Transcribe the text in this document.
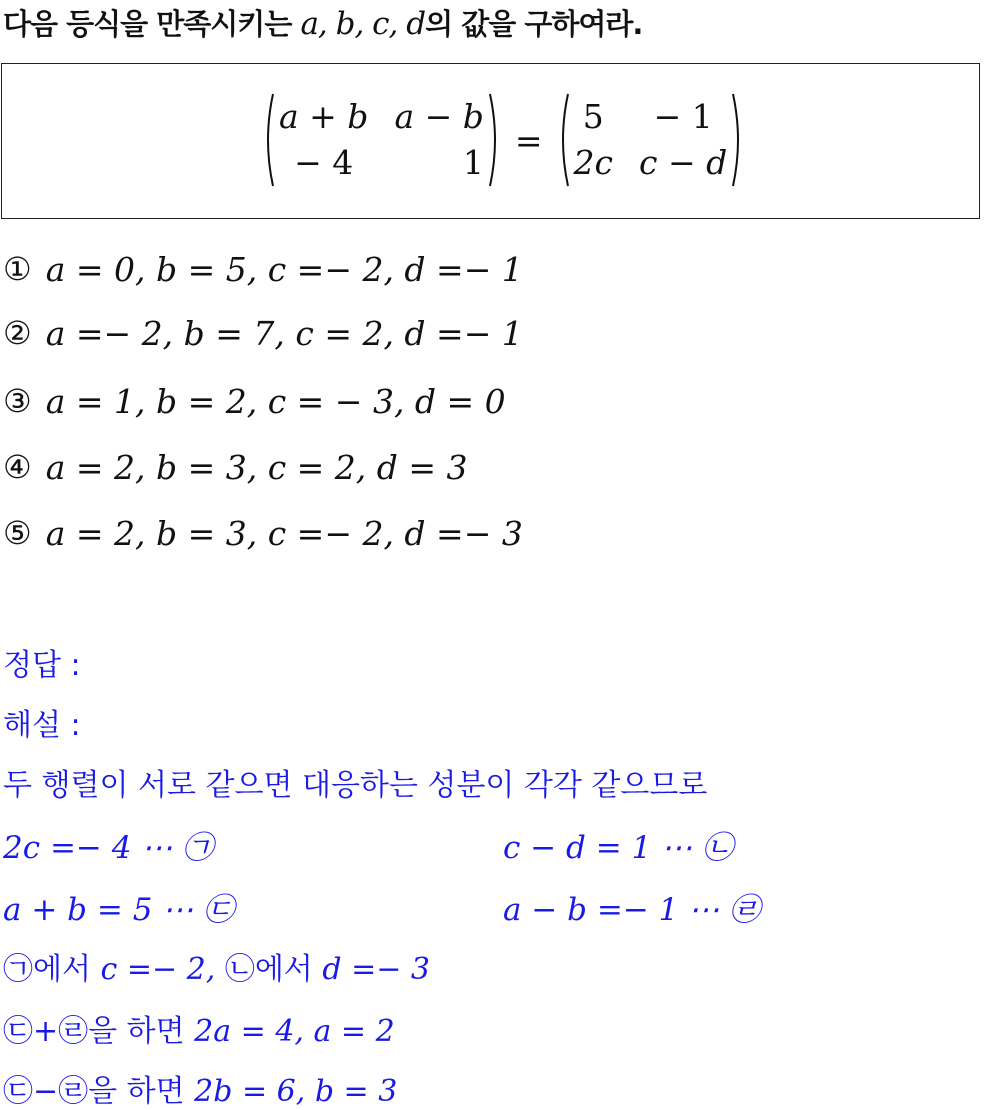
다음 등식을 만족시키는 a, b, c, d의 값을 구하여라.

a + b a − b
− 4	1
=
5	− 1
2c c − d
① a = 0, b = 5, c =− 2, d =− 1
② a =− 2, b = 7, c = 2, d =− 1
③ a = 1, b = 2, c = − 3, d = 0
④ a = 2, b = 3, c = 2, d = 3
⑤ a = 2, b = 3, c =− 2, d =− 3
정답 :
해설 :
두 행렬이 서로 같으면 대응하는 성분이 각각 같으므로
2c =− 4 ⋯ ㉠	c − d = 1 ⋯ ㉡
a + b = 5 ⋯ ㉢	a − b =− 1 ⋯ ㉣
㉠에서 c =− 2, ㉡에서 d =− 3
㉢+㉣을 하면 2a = 4, a = 2
㉢−㉣을 하면 2b = 6, b = 3
